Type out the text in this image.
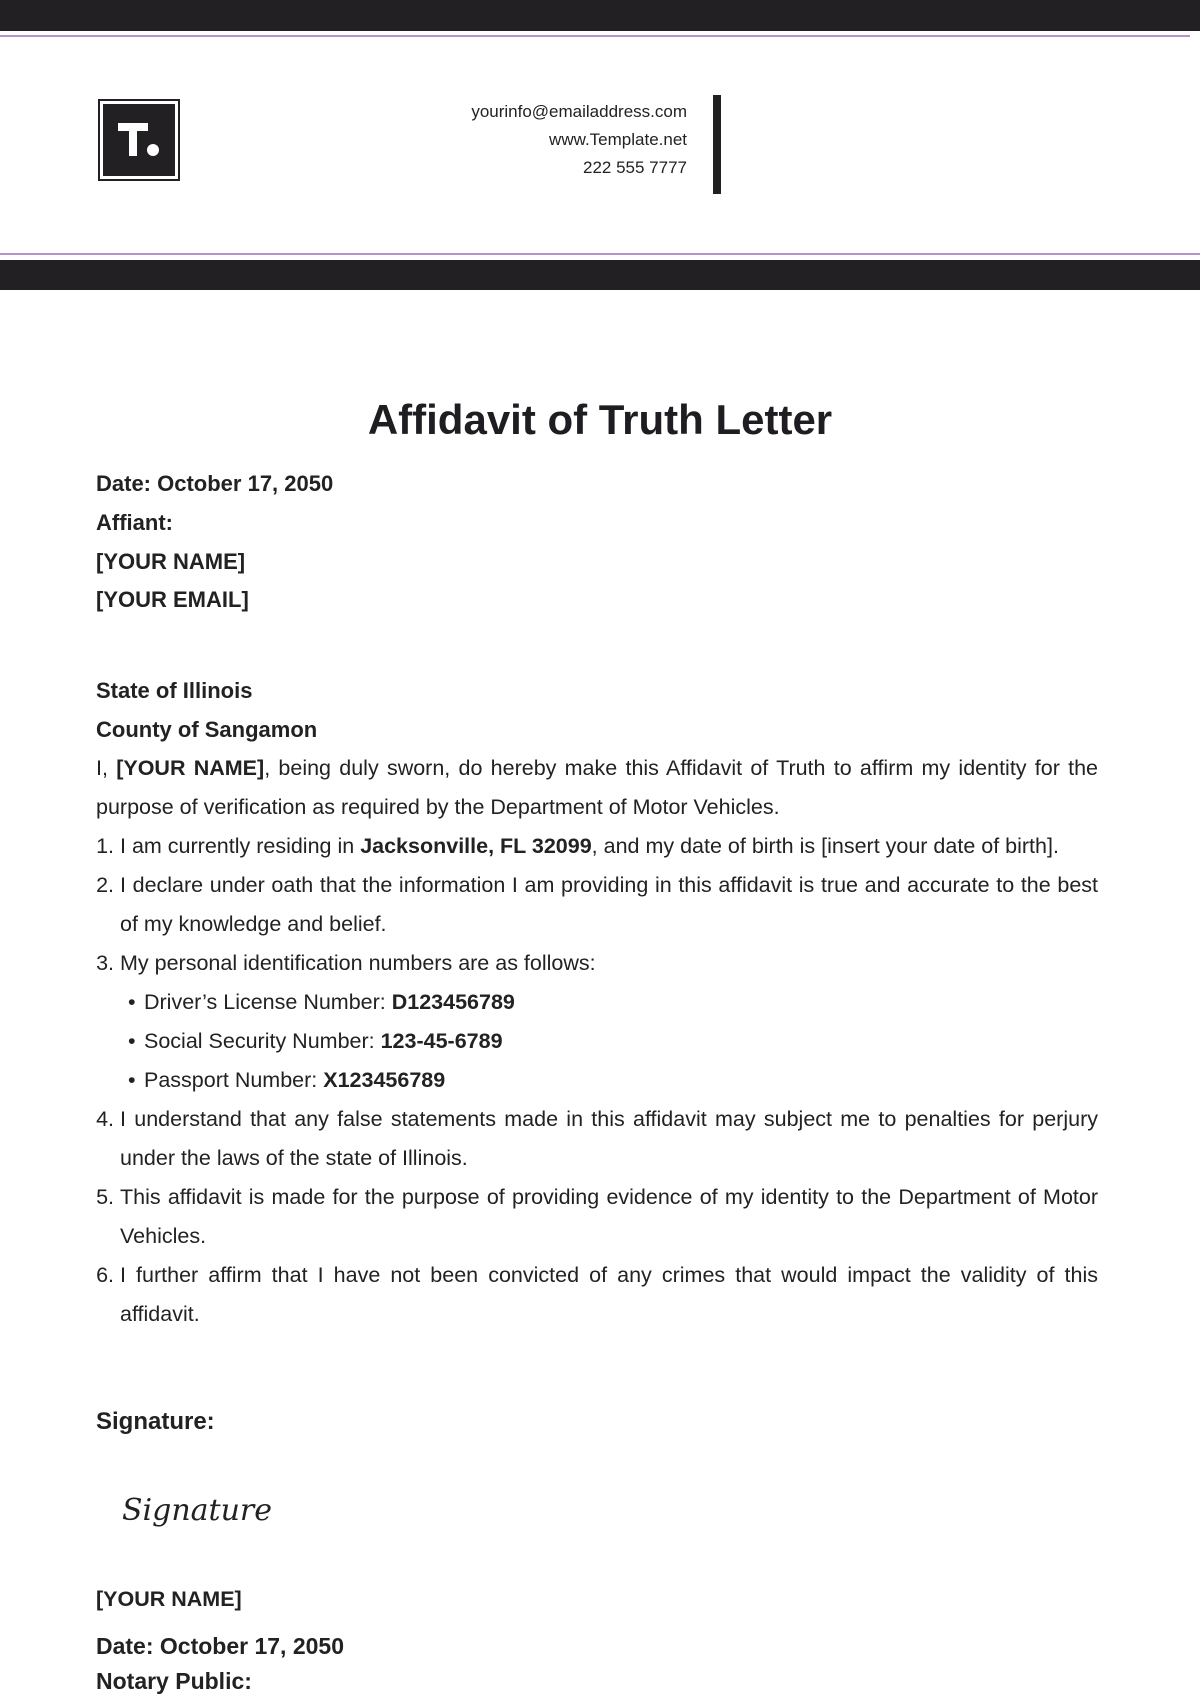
yourinfo@emailaddress.com
www.Template.net
222 555 7777
Affidavit of Truth Letter
Date: October 17, 2050
Affiant:
[YOUR NAME]
[YOUR EMAIL]
State of Illinois
County of Sangamon
I, [YOUR NAME], being duly sworn, do hereby make this Affidavit of Truth to affirm my identity for the purpose of verification as required by the Department of Motor Vehicles.
1. I am currently residing in Jacksonville, FL 32099, and my date of birth is [insert your date of birth].
2. I declare under oath that the information I am providing in this affidavit is true and accurate to the best of my knowledge and belief.
3. My personal identification numbers are as follows:
• Driver’s License Number: D123456789
• Social Security Number: 123-45-6789
• Passport Number: X123456789
4. I understand that any false statements made in this affidavit may subject me to penalties for perjury under the laws of the state of Illinois.
5. This affidavit is made for the purpose of providing evidence of my identity to the Department of Motor Vehicles.
6. I further affirm that I have not been convicted of any crimes that would impact the validity of this affidavit.
Signature:
Signature
[YOUR NAME]
Date: October 17, 2050
Notary Public:
